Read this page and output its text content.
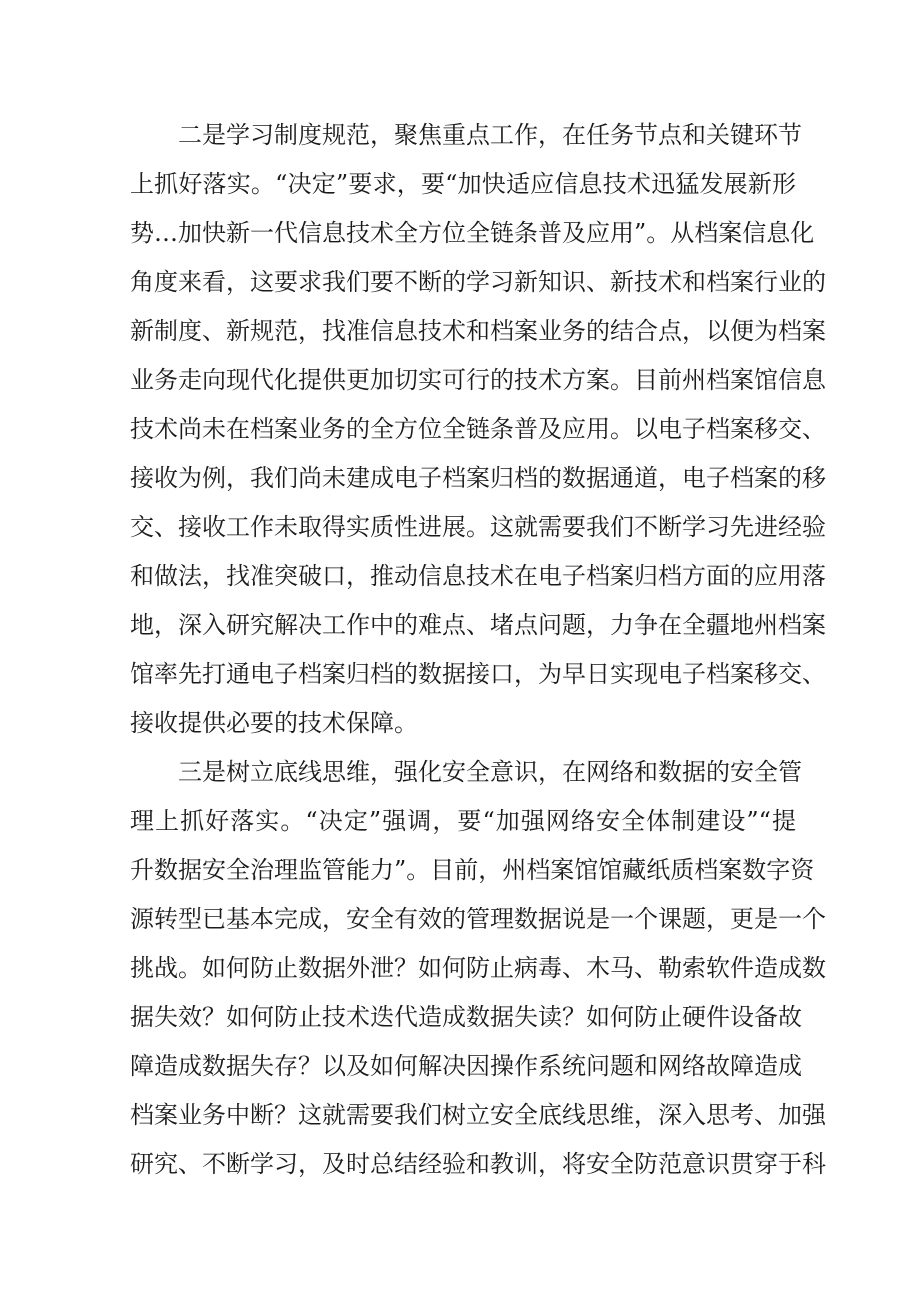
二是学习制度规范，聚焦重点工作，在任务节点和关键环节
上抓好落实。“决定”要求，要“加快适应信息技术迅猛发展新形
势…加快新一代信息技术全方位全链条普及应用”。从档案信息化
角度来看，这要求我们要不断的学习新知识、新技术和档案行业的
新制度、新规范，找准信息技术和档案业务的结合点，以便为档案
业务走向现代化提供更加切实可行的技术方案。目前州档案馆信息
技术尚未在档案业务的全方位全链条普及应用。以电子档案移交、
接收为例，我们尚未建成电子档案归档的数据通道，电子档案的移
交、接收工作未取得实质性进展。这就需要我们不断学习先进经验
和做法，找准突破口，推动信息技术在电子档案归档方面的应用落
地，深入研究解决工作中的难点、堵点问题，力争在全疆地州档案
馆率先打通电子档案归档的数据接口，为早日实现电子档案移交、
接收提供必要的技术保障。
三是树立底线思维，强化安全意识，在网络和数据的安全管
理上抓好落实。“决定”强调，要“加强网络安全体制建设”“提
升数据安全治理监管能力”。目前，州档案馆馆藏纸质档案数字资
源转型已基本完成，安全有效的管理数据说是一个课题，更是一个
挑战。如何防止数据外泄？如何防止病毒、木马、勒索软件造成数
据失效？如何防止技术迭代造成数据失读？如何防止硬件设备故
障造成数据失存？以及如何解决因操作系统问题和网络故障造成
档案业务中断？这就需要我们树立安全底线思维，深入思考、加强
研究、不断学习，及时总结经验和教训，将安全防范意识贯穿于科
